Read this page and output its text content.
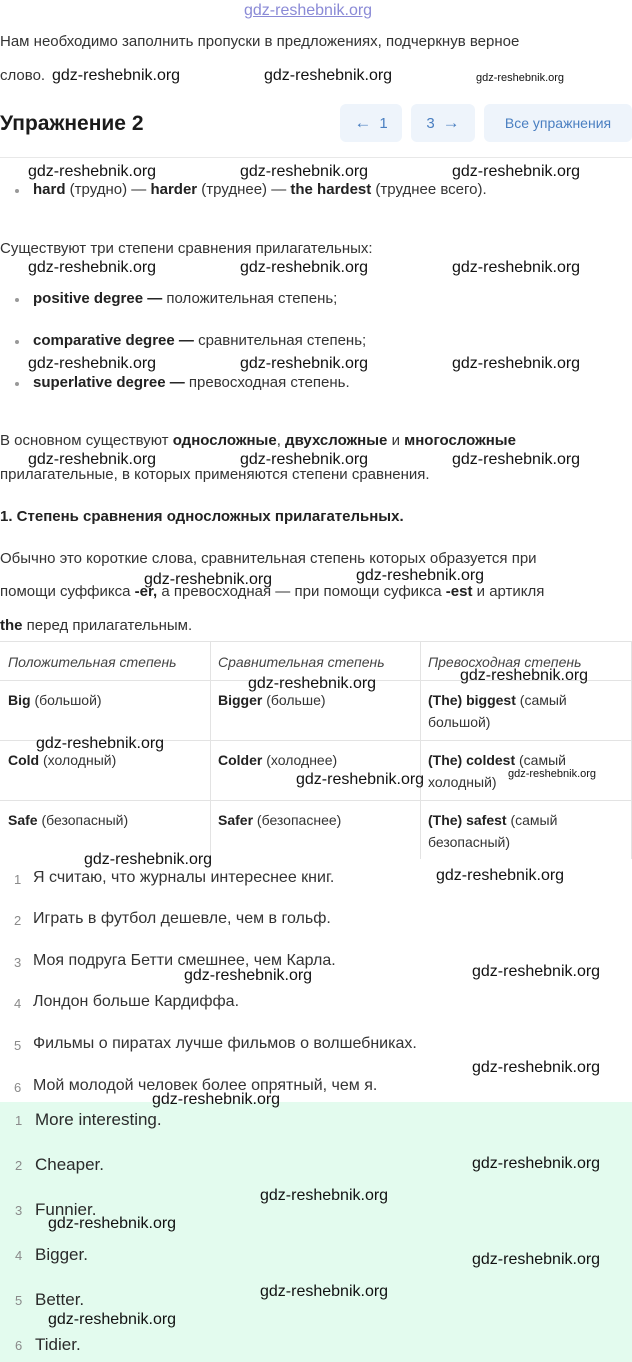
gdz-reshebnik.org
Нам необходимо заполнить пропуски в предложениях, подчеркнув верное
слово.
Упражнение 2	← 1	3 →	Все упражнения
hard (трудно) — harder (труднее) — the hardest (труднее всего).
Существуют три степени сравнения прилагательных:
positive degree — положительная степень;
comparative degree — сравнительная степень;
superlative degree — превосходная степень.
В основном существуют односложные, двухсложные и многосложные
прилагательные, в которых применяются степени сравнения.
1. Степень сравнения односложных прилагательных.
Обычно это короткие слова, сравнительная степень которых образуется при
помощи суффикса -er, а превосходная — при помощи суфикса -est и артикля
the перед прилагательным.
Положительная степень	Сравнительная степень	Превосходная степень
Big (большой)	Bigger (больше)	(The) biggest (самый
большой)
Cold (холодный)	Colder (холоднее)	(The) coldest (самый
холодный)
Safe (безопасный)	Safer (безопаснее)	(The) safest (самый
безопасный)
1 Я считаю, что журналы интереснее книг.
2 Играть в футбол дешевле, чем в гольф.
3 Моя подруга Бетти смешнее, чем Карла.
4 Лондон больше Кардиффа.
5 Фильмы о пиратах лучше фильмов о волшебниках.
6 Мой молодой человек более опрятный, чем я.
1 More interesting.
2 Cheaper.
3 Funnier.
4 Bigger.
5 Better.
6 Tidier.
gdz-reshebnik.org	gdz-reshebnik.org	gdz-reshebnik.org
gdz-reshebnik.org	gdz-reshebnik.org	gdz-reshebnik.org
gdz-reshebnik.org	gdz-reshebnik.org	gdz-reshebnik.org
gdz-reshebnik.org	gdz-reshebnik.org	gdz-reshebnik.org
gdz-reshebnik.org	gdz-reshebnik.org	gdz-reshebnik.org
gdz-reshebnik.org	gdz-reshebnik.org
gdz-reshebnik.org	gdz-reshebnik.org
gdz-reshebnik.org
gdz-reshebnik.org	gdz-reshebnik.org
gdz-reshebnik.org
gdz-reshebnik.org
gdz-reshebnik.org	gdz-reshebnik.org
gdz-reshebnik.org
gdz-reshebnik.org
gdz-reshebnik.org
gdz-reshebnik.org
gdz-reshebnik.org
gdz-reshebnik.org
gdz-reshebnik.org
gdz-reshebnik.org
